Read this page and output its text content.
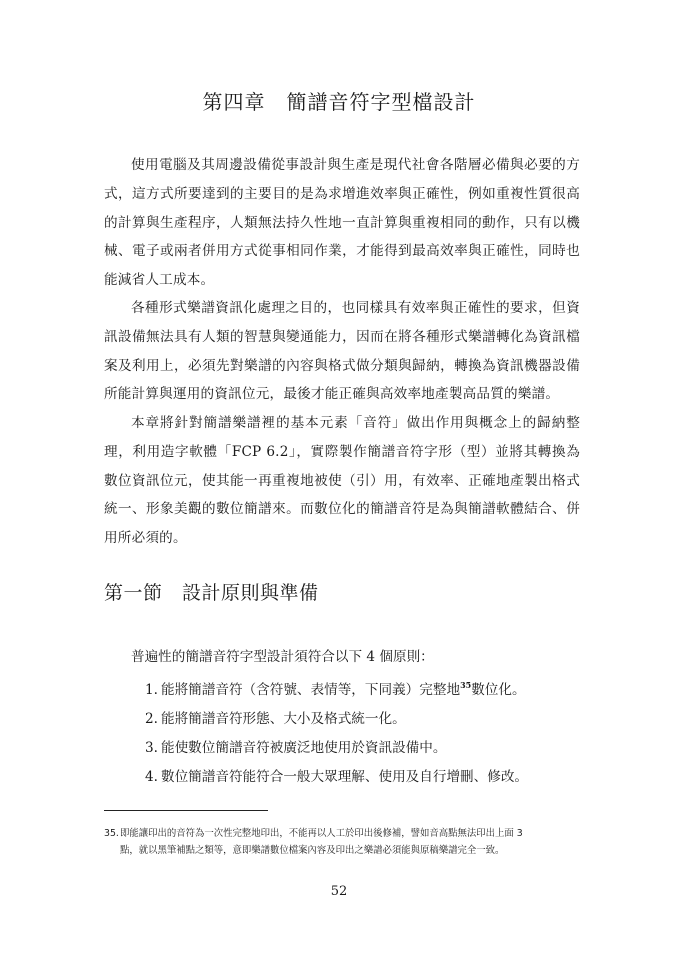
第四章　簡譜音符字型檔設計

使用電腦及其周邊設備從事設計與生產是現代社會各階層必備與必要的方式，這方式所要達到的主要目的是為求增進效率與正確性，例如重複性質很高的計算與生產程序，人類無法持久性地一直計算與重複相同的動作，只有以機械、電子或兩者併用方式從事相同作業，才能得到最高效率與正確性，同時也能減省人工成本。

各種形式樂譜資訊化處理之目的，也同樣具有效率與正確性的要求，但資訊設備無法具有人類的智慧與變通能力，因而在將各種形式樂譜轉化為資訊檔案及利用上，必須先對樂譜的內容與格式做分類與歸納，轉換為資訊機器設備所能計算與運用的資訊位元，最後才能正確與高效率地產製高品質的樂譜。

本章將針對簡譜樂譜裡的基本元素「音符」做出作用與概念上的歸納整理，利用造字軟體「FCP 6.2」，實際製作簡譜音符字形（型）並將其轉換為數位資訊位元，使其能一再重複地被使（引）用，有效率、正確地產製出格式統一、形象美觀的數位簡譜來。而數位化的簡譜音符是為與簡譜軟體結合、併用所必須的。

第一節　設計原則與準備

普遍性的簡譜音符字型設計須符合以下 4 個原則：

1. 能將簡譜音符（含符號、表情等，下同義）完整地$^{35}$數位化。
2. 能將簡譜音符形態、大小及格式統一化。
3. 能使數位簡譜音符被廣泛地使用於資訊設備中。
4. 數位簡譜音符能符合一般大眾理解、使用及自行增刪、修改。

35.即能讓印出的音符為一次性完整地印出，不能再以人工於印出後修補，譬如音高點無法印出上面 3
點，就以黑筆補點之類等，意即樂譜數位檔案內容及印出之樂譜必須能與原稿樂譜完全一致。

52
